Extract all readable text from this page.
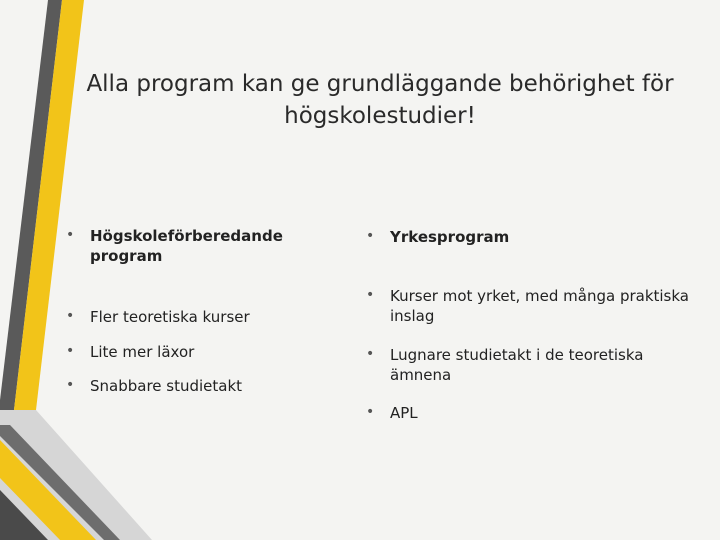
Alla program kan ge grundläggande behörighet för högskolestudier!
• Högskoleförberedande program
• Fler teoretiska kurser
• Lite mer läxor
• Snabbare studietakt
• Yrkesprogram
• Kurser mot yrket, med många praktiska inslag
• Lugnare studietakt i de teoretiska ämnena
• APL
